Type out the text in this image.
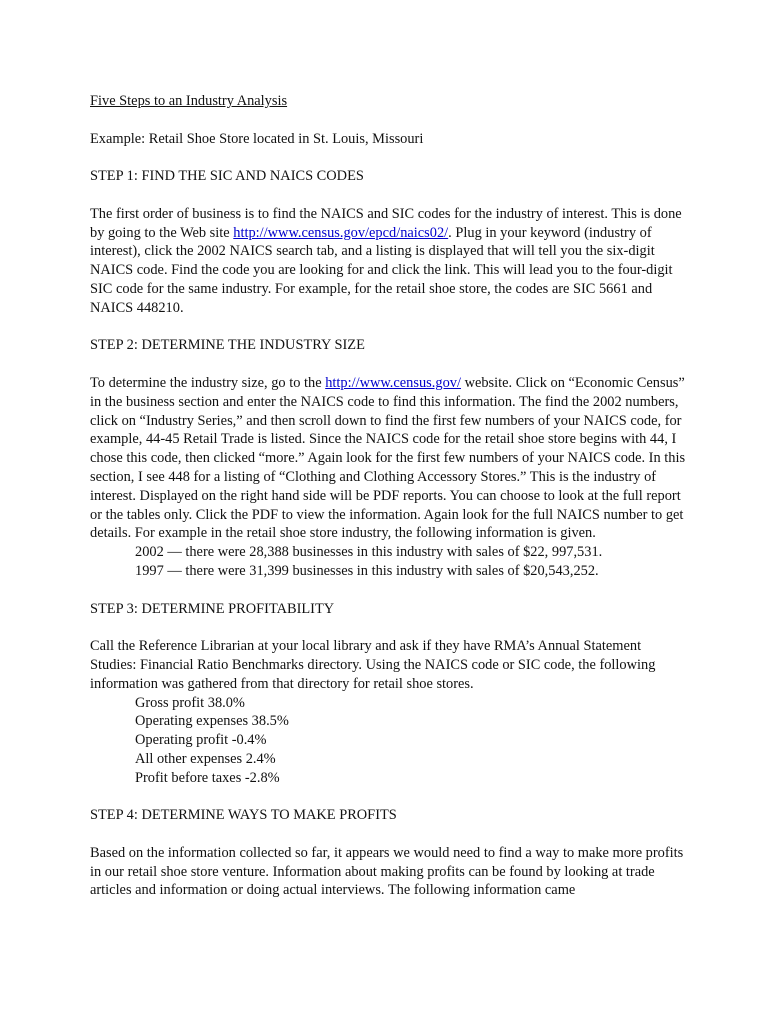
Five Steps to an Industry Analysis

Example: Retail Shoe Store located in St. Louis, Missouri

STEP 1: FIND THE SIC AND NAICS CODES

The first order of business is to find the NAICS and SIC codes for the industry of interest. This is done by going to the Web site http://www.census.gov/epcd/naics02/. Plug in your keyword (industry of interest), click the 2002 NAICS search tab, and a listing is displayed that will tell you the six-digit NAICS code. Find the code you are looking for and click the link. This will lead you to the four-digit SIC code for the same industry. For example, for the retail shoe store, the codes are SIC 5661 and NAICS 448210.

STEP 2: DETERMINE THE INDUSTRY SIZE
To determine the industry size, go to the http://www.census.gov/ website. Click on “Economic Census” in the business section and enter the NAICS code to find this information. The find the 2002 numbers, click on “Industry Series,” and then scroll down to find the first few numbers of your NAICS code, for example, 44-45 Retail Trade is listed. Since the NAICS code for the retail shoe store begins with 44, I chose this code, then clicked “more.” Again look for the first few numbers of your NAICS code. In this section, I see 448 for a listing of “Clothing and Clothing Accessory Stores.” This is the industry of interest. Displayed on the right hand side will be PDF reports. You can choose to look at the full report or the tables only. Click the PDF to view the information. Again look for the full NAICS number to get details. For example in the retail shoe store industry, the following information is given.
2002 — there were 28,388 businesses in this industry with sales of $22, 997,531.
1997 — there were 31,399 businesses in this industry with sales of $20,543,252.
STEP 3: DETERMINE PROFITABILITY
Call the Reference Librarian at your local library and ask if they have RMA’s Annual Statement Studies: Financial Ratio Benchmarks directory. Using the NAICS code or SIC code, the following information was gathered from that directory for retail shoe stores.
Gross profit 38.0%
Operating expenses 38.5%
Operating profit -0.4%
All other expenses 2.4%
Profit before taxes -2.8%
STEP 4: DETERMINE WAYS TO MAKE PROFITS

Based on the information collected so far, it appears we would need to find a way to make more profits in our retail shoe store venture. Information about making profits can be found by looking at trade articles and information or doing actual interviews. The following information came
